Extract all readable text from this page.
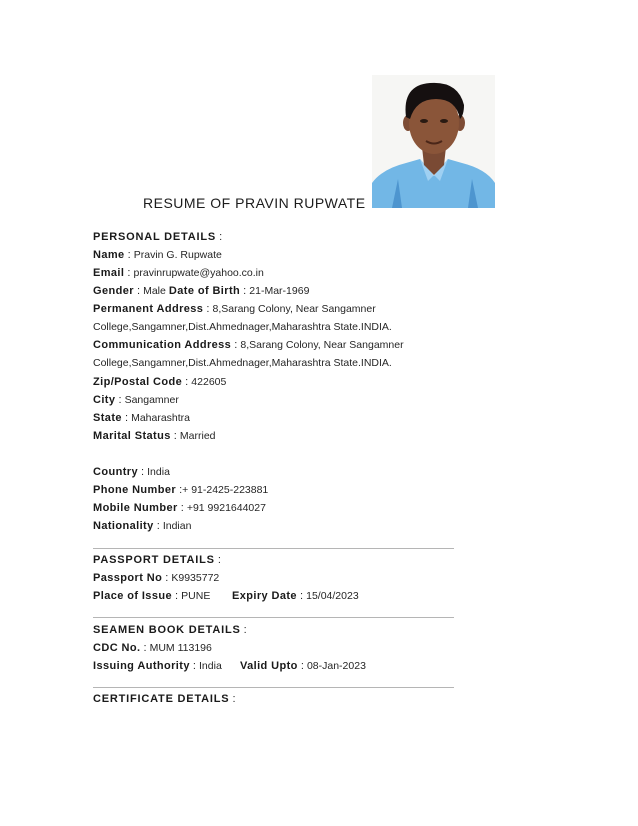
RESUME OF PRAVIN RUPWATE
PERSONAL DETAILS :
Name : Pravin G. Rupwate
Email : pravinrupwate@yahoo.co.in
Gender : Male Date of Birth : 21-Mar-1969
Permanent Address : 8,Sarang Colony, Near Sangamner
College,Sangamner,Dist.Ahmednager,Maharashtra State.INDIA.
Communication Address : 8,Sarang Colony, Near Sangamner
College,Sangamner,Dist.Ahmednager,Maharashtra State.INDIA.
Zip/Postal Code : 422605
City : Sangamner
State : Maharashtra
Marital Status : Married
Country : India
Phone Number :+ 91-2425-223881
Mobile Number : +91 9921644027
Nationality : Indian
PASSPORT DETAILS :
Passport No : K9935772
Place of Issue : PUNE Expiry Date : 15/04/2023
SEAMEN BOOK DETAILS :
CDC No. : MUM 113196
Issuing Authority : India Valid Upto : 08-Jan-2023
CERTIFICATE DETAILS :
